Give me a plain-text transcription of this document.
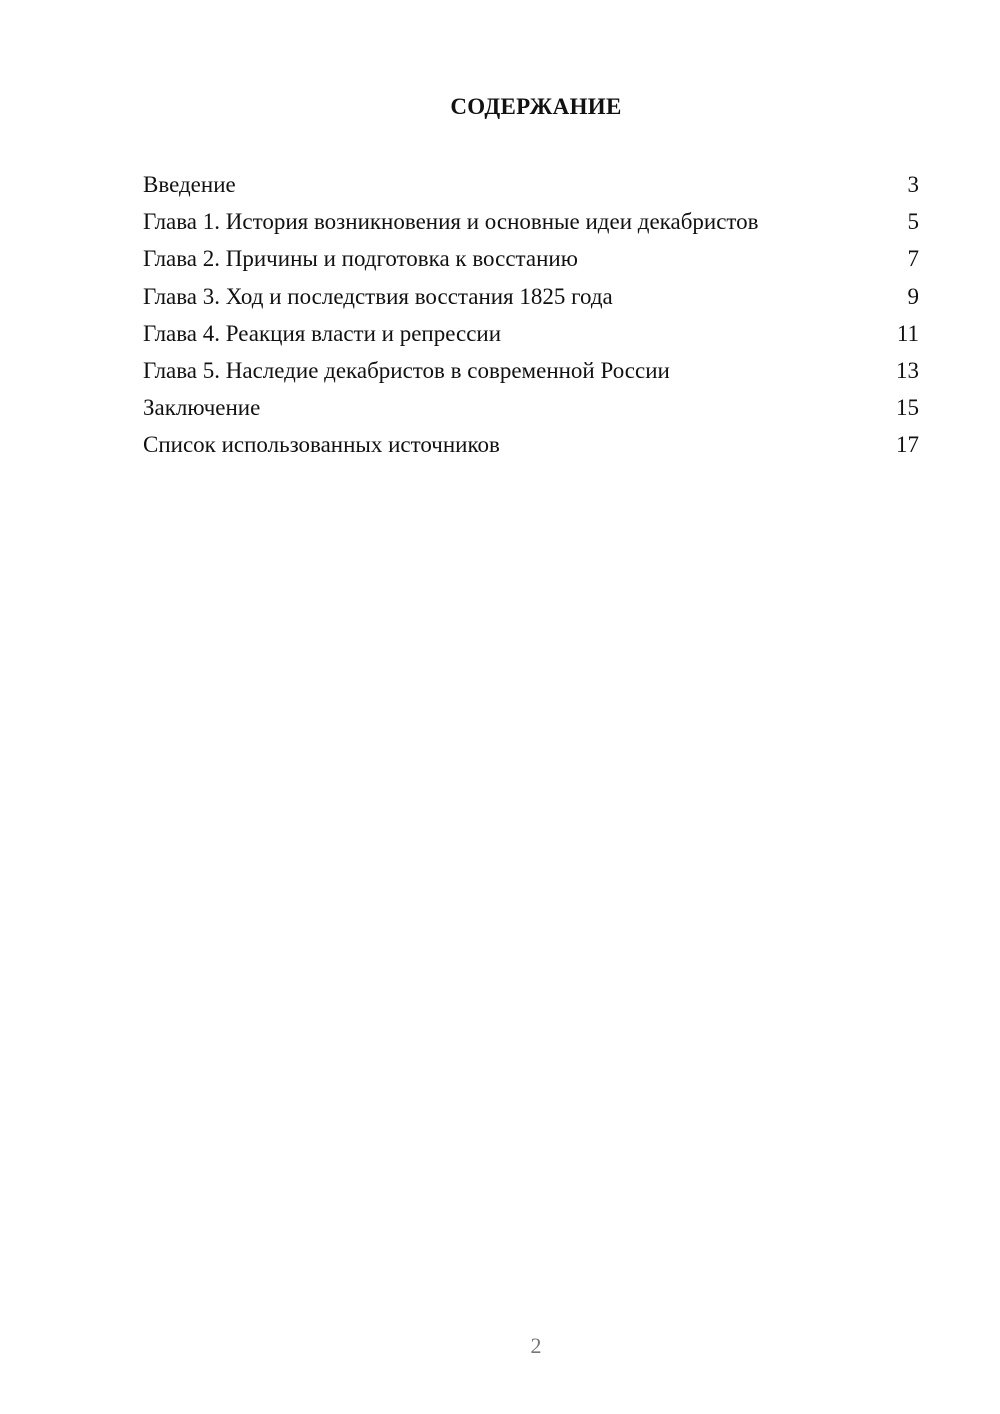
СОДЕРЖАНИЕ
Введение	3
Глава 1. История возникновения и основные идеи декабристов	5
Глава 2. Причины и подготовка к восстанию	7
Глава 3. Ход и последствия восстания 1825 года	9
Глава 4. Реакция власти и репрессии	11
Глава 5. Наследие декабристов в современной России	13
Заключение	15
Список использованных источников	17
2
